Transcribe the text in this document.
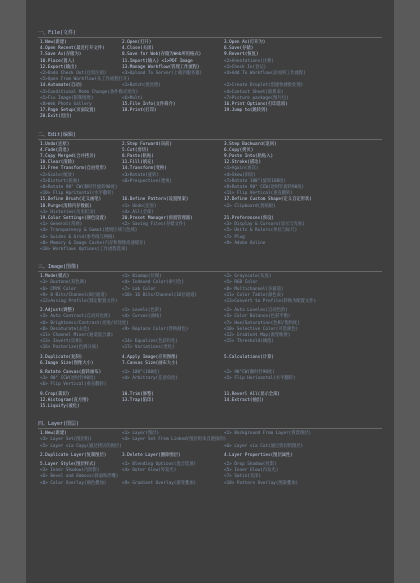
一、File(文件)
1.New(新建)	2.Open(打开)	3.Open As(打开为)
4.Open Recent(最近打开文件)	4.Close(关闭)	6.Save(存储)
7.Save As(存储为)	8.Save for Web(存储为Web所用格式)	9.Revert(恢复)
10.Place(置入)	11.Import(输入) <1>PDF Image	<2>Annotations(注释)
12.Export(输出)	13.Manage Workflow(管理工作流程)	<1>Check In(登记)
<2>Undo Check Out(还原注销)	<3>Upload To Server(上载到服务器)	<4>Add To Workflow(添加到工作流程)
<5>Open From Workflow(从工作流程打开)
14.Automate(自动)	<1>Batch(批处理)	<2>Create Droplet(创建快捷批处理)
<3>Conditional Mode Change(条件模式更改)	<4>Contact Sheet(联系表)
<5>Fix Image(限制图像)	<6>Multi	<7>Picture package(图片包)
<8>Web Photo Gallery	15.File Info(文件简介)	16.Print Options(打印选项)
17.Page Setup(页面设置)	18.Print(打印)	19.Jump to(跳转到)
20.Exit(退出)
二、Edit(编辑)
1.Undo(还原)	2.Step Forward(向前)	3.Step Backward(返回)
4.Fade(消退)	5.Cut(剪切)	6.Copy(拷贝)
7.Copy Merged(合并拷贝)	8.Paste(粘贴)	9.Paste Into(粘贴入)
10.Clear(清除)	11.Fill(填充)	12.Stroke(描边)
13.Free Transform(自由变形)	14.Transform(变换)	<1>Again(再次)
<2>Scale(缩放)	<3>Rotate(旋转)	<4>Skew(斜切)
<5>Distort(扭曲)	<6>Prespective(透视)	<7>Rotate 180°(旋转180度)
<8>Rotate 90° CW(顺时针旋转90度)	<9>Rotate 90° CCW(逆时针旋转90度)
<10> Flip Hpritontal(水平翻转)	<11> Flip Vertical(垂直翻转)
15.Define Brush(定义画笔)	16.Define Pattern(设置图案)	17.Define Custom Shape(定义自定形状)
18.Purge(清除内存数据)	<1> Undo(还原)	<2> Clipboard(剪贴板)
<3> Histories(历史纪录)	<4> All(全部)
19.Color Settings(颜色设置)	20.Preset Manager(预置管理器)	21.Preferences(预设)
<1> General(常规)	<2> Saving Files(存储文件)	<3> Display & Cursors(显示与光标)
<4> Transparency & Gamut(透明区域与色域)	<5> Units & Rulers(单位与标尺)
<6> Guides & Grid(参考线与网格)	<7> Plug
<8> Memory & Image Cache(内存和图像高速缓存)	<9> Adobe Online
<10> Workflows Options(工作流程选项)
三、Image(图像)
1.Mode(模式)	<1> Biamap(位图)	<2> Grayscale(灰度)
<3> Duotone(双色调)	<4> Indexed Color(索引色)	<5> RGB Color
<6> CMYK Color	<7> Lab Color	<8> Multichannel(多通道)
<9> 8 Bits/Channel(8位通道)	<10> 16 Bits/Channel(16位通道)	<11> Color Table(颜色表)
<12>Assing Profile(制定配置文件)	<13>Convert to Profile(转换为配置文件)
2.Adjust(调整)	<1> Levels(色阶)	<2> Auto Laveles(自动色阶)
<3> Auto Contrast(自动对比度)	<4> Curves(曲线)	<5> Color Balance(色彩平衡)
<6> Brightness/Contrast(亮度/对比度)	<7> Hue/Saturation(色相/饱和度)
<8> Desaturate(去色)	<9> Replace Color(替换颜色)	<10> Selective Color(可选颜色)
<11> Channel Mixer(通道混合器)	<12> Gradient Map(渐变映射)
<13> Invert(反相)	<14> Equalize(色彩均化)	<15> Threshold(阈值)
<16> Posterize(色调分离)	<17> Variations(变化)
3.Duplicate(复制)	4.Apply Image(应用图像)	5.Calculations(计算)
6.Image Size(图像大小)	7.Canvas Size(画布大小)
8.Rotate Canvas(旋转画布)	<1> 180°(180度)	<2> 90°CW(顺时针90度)
<3> 90° CCW(逆时针90度)	<4> Arbitrary(任意角度)	<5> Flip Horizontal(水平翻转)
<6> Flip Vertical(垂直翻转)
9.Crop(裁切)	10.Trim(修整)	11.Reverl All(显示全部)
12.Histogram(直方图)	13.Trap(陷印)	14.Extract(抽出)
15.Liquify(液化)
四、Layer(图层)
1.New(新建)	<1> Layer(图层)	<2> Background From Layer(背景图层)
<3> Layer Set(图层组)	<4> Layer Set From Linked(图层组来自链接的)
<5> Layer via Copy(通过拷贝的图层)	<6> Layer via Cut(通过剪切的图层)
2.Duplicate Layer(复制图层)	3.Delete Layer(删除图层)	4.Layer Properties(图层属性)
5.Layer Style(图层样式)	<1> Blending Options(混合选项)	<2> Drop Shadow(投影)
<3> Inner Shadow(内阴影)	<4> Outer Glow(外发光)	<5> Inner Glow(内发光)
<6> Bevel and Emboss(斜面和浮雕)	<7> Satin(光泽)
<8> Color Overlay(颜色叠加)	<9> Gradient Overlay(渐变叠加)	<10> Pattern Overlay(图案叠加)
